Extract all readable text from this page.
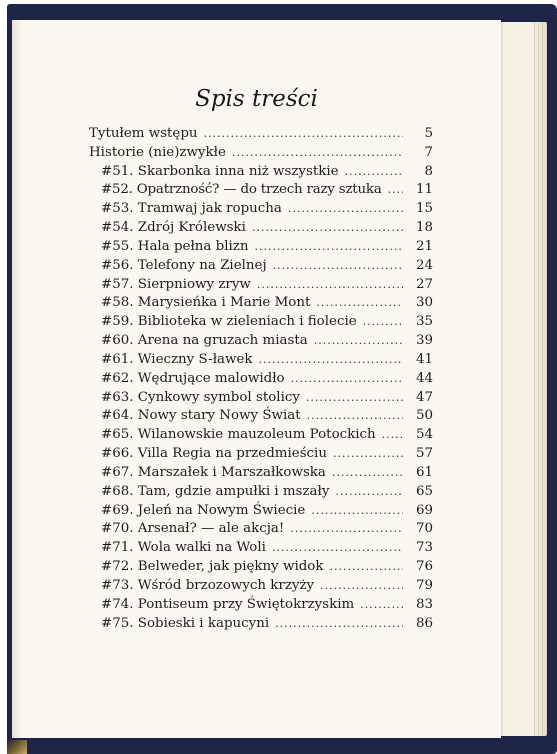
Spis treści
Tytułem wstępu .....	5
Historie (nie)zwykłe .....	7
#51. Skarbonka inna niż wszystkie .....	8
#52. Opatrzność? — do trzech razy sztuka .....	11
#53. Tramwaj jak ropucha .....	15
#54. Zdrój Królewski .....	18
#55. Hala pełna blizn .....	21
#56. Telefony na Zielnej .....	24
#57. Sierpniowy zryw .....	27
#58. Marysieńka i Marie Mont .....	30
#59. Biblioteka w zieleniach i fiolecie .....	35
#60. Arena na gruzach miasta .....	39
#61. Wieczny S-ławek .....	41
#62. Wędrujące malowidło .....	44
#63. Cynkowy symbol stolicy .....	47
#64. Nowy stary Nowy Świat .....	50
#65. Wilanowskie mauzoleum Potockich .....	54
#66. Villa Regia na przedmieściu .....	57
#67. Marszałek i Marszałkowska .....	61
#68. Tam, gdzie ampułki i mszały .....	65
#69. Jeleń na Nowym Świecie .....	69
#70. Arsenał? — ale akcja! .....	70
#71. Wola walki na Woli .....	73
#72. Belweder, jak piękny widok .....	76
#73. Wśród brzozowych krzyży .....	79
#74. Pontiseum przy Świętokrzyskim .....	83
#75. Sobieski i kapucyni .....	86
